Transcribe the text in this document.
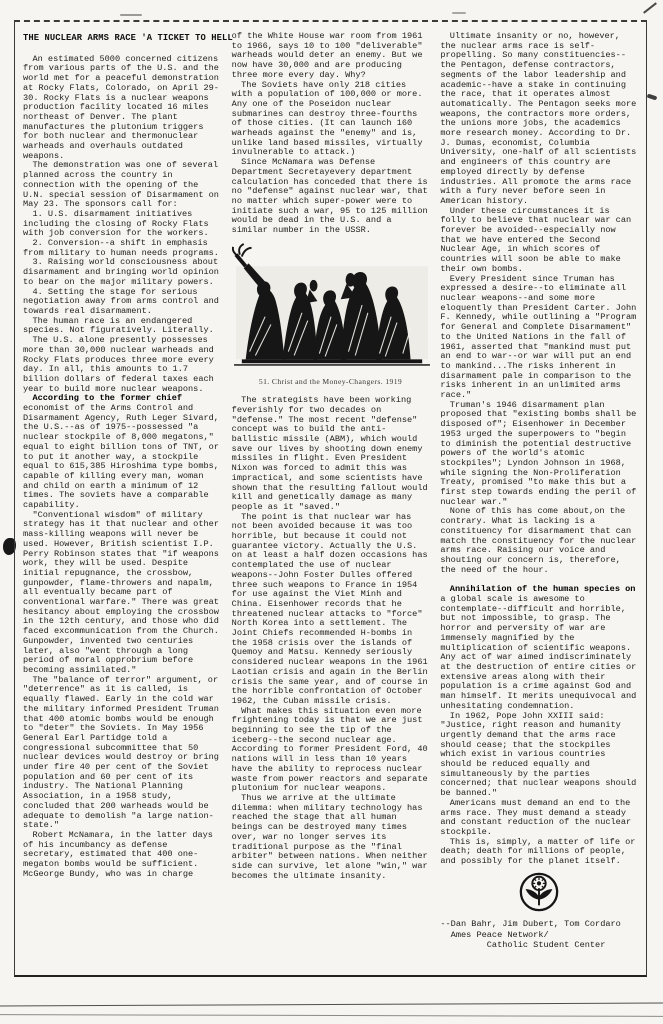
THE NUCLEAR ARMS RACE 'A TICKET TO HELL
An estimated 5000 concerned citizens from various parts of the U.S. and the world met for a peaceful demonstration at Rocky Flats, Colorado, on April 29-30. Rocky Flats is a nuclear weapons production facility located 16 miles northeast of Denver. The plant manufactures the plutonium triggers for both nuclear and thermonuclear warheads and overhauls outdated weapons.
The demonstration was one of several planned across the country in connection with the opening of the U.N. special session of Disarmament on May 23. The sponsors call for:
1. U.S. disarmament initiatives including the closing of Rocky Flats with job conversion for the workers.
2. Conversion--a shift in emphasis from military to human needs programs.
3. Raising world consciousness about disarmament and bringing world opinion to bear on the major military powers.
4. Setting the stage for serious negotiation away from arms control and towards real disarmament.
The human race is an endangered species. Not figuratively. Literally.
The U.S. alone presently possesses more than 30,000 nuclear warheads and Rocky Flats produces three more every day. In all, this amounts to 1.7 billion dollars of federal taxes each year to build more nuclear weapons.
According to the former chief economist of the Arms Control and Disarmament Agency, Ruth Leger Sivard, the U.S.--as of 1975--possessed "a nuclear stockpile of 8,000 megatons," equal to eight billion tons of TNT, or to put it another way, a stockpile equal to 615,385 Hiroshima type bombs, capable of killing every man, woman and child on earth a minimum of 12 times. The soviets have a comparable capability.
"Conventional wisdom" of military strategy has it that nuclear and other mass-killing weapons will never be used. However, British scientist I.P. Perry Robinson states that "if weapons work, they will be used. Despite initial repugnance, the crossbow, gunpowder, flame-throwers and napalm, all eventually became part of conventional warfare." There was great hesitancy about employing the crossbow in the 12th century, and those who did faced excommunication from the Church. Gunpowder, invented two centuries later, also "went through a long period of moral opprobrium before becoming assimilated."
The "balance of terror" argument, or "deterrence" as it is called, is equally flawed. Early in the cold war the military informed President Truman that 400 atomic bombs would be enough to "deter" the Soviets. In May 1956 General Earl Partidge told a congressional subcommittee that 50 nuclear devices would destroy or bring under fire 40 per cent of the Soviet population and 60 per cent of its industry. The National Planning Association, in a 1958 study, concluded that 200 warheads would be adequate to demolish "a large nation-state."
Robert McNamara, in the latter days of his incumbancy as defense secretary, estimated that 400 one-megaton bombs would be sufficient. McGeorge Bundy, who was in charge
of the White House war room from 1961 to 1966, says 10 to 100 "deliverable" warheads would deter an enemy. But we now have 30,000 and are producing three more every day. Why?
The Soviets have only 218 cities with a population of 100,000 or more. Any one of the Poseidon nuclear submarines can destroy three-fourths of those cities. (It can launch 160 warheads against the "enemy" and is, unlike land based missiles, virtually invulnerable to attack.)
Since McNamara was Defense Department Secretayevery department calculation has conceded that there is no "defense" against nuclear war, that no matter which super-power were to initiate such a war, 95 to 125 million would be dead in the U.S. and a similar number in the USSR.
51. Christ and the Money-Changers. 1919
The strategists have been working feverishly for two decades on "defense." The most recent "defense" concept was to build the anti-ballistic missile (ABM), which would save our lives by shooting down enemy missiles in flight. Even President Nixon was forced to admit this was impractical, and some scientists have shown that the resulting fallout would kill and genetically damage as many people as it "saved."
The point is that nuclear war has not been avoided because it was too horrible, but because it could not guarantee victory. Actually the U.S. on at least a half dozen occasions has contemplated the use of nuclear weapons--John Foster Dulles offered three such weapons to France in 1954 for use against the Viet Minh and China. Eisenhower records that he threatened nuclear attacks to "force" North Korea into a settlement. The Joint Chiefs recommended H-bombs in the 1958 crisis over the islands of Quemoy and Matsu. Kennedy seriously considered nuclear weapons in the 1961 Laotian crisis and again in the Berlin crisis the same year, and of course in the horrible confrontation of October 1962, the Cuban missile crisis.
What makes this situation even more frightening today is that we are just beginning to see the tip of the iceberg--the second nuclear age. According to former President Ford, 40 nations will in less than 10 years have the ability to reprocess nuclear waste from power reactors and separate plutonium for nuclear weapons.
Thus we arrive at the ultimate dilemma: when military technology has reached the stage that all human beings can be destroyed many times over, war no longer serves its traditional purpose as the "final arbiter" between nations. When neither side can survive, let alone "win," war becomes the ultimate insanity.
Ultimate insanity or no, however, the nuclear arms race is self-propelling. So many constituencies--the Pentagon, defense contractors, segments of the labor leadership and academic--have a stake in continuing the race, that it operates almost automatically. The Pentagon seeks more weapons, the contractors more orders, the unions more jobs, the academics more research money. According to Dr. J. Dumas, economist, Columbia University, one-half of all scientists and engineers of this country are employed directly by defense industries. All promote the arms race with a fury never before seen in American history.
Under these circumstances it is folly to believe that nuclear war can forever be avoided--especially now that we have entered the Second Nuclear Age, in which scores of countries will soon be able to make their own bombs.
Every President since Truman has expressed a desire--to eliminate all nuclear weapons--and some more eloquently than President Carter. John F. Kennedy, while outlining a "Program for General and Complete Disarmament" to the United Nations in the fall of 1961, asserted that "mankind must put an end to war--or war will put an end to mankind...The risks inherent in disarmament pale in comparison to the risks inherent in an unlimited arms race."
Truman's 1946 disarmament plan proposed that "existing bombs shall be disposed of"; Eisenhower in December 1953 urged the superpowers to "begin to diminish the potential destructive powers of the world's atomic stockpiles"; Lyndon Johnson in 1968, while signing the Non-Proliferation Treaty, promised "to make this but a first step towards ending the peril of nuclear war."
None of this has come about,on the contrary. What is lacking is a constituency for disarmament that can match the constituency for the nuclear arms race. Raising our voice and shouting our concern is, therefore, the need of the hour.
Annihilation of the human species on a global scale is awesome to contemplate--difficult and horrible, but not impossible, to grasp. The horror and perversity of war are immensely magnified by the multiplication of scientific weapons. Any act of war aimed indiscriminately at the destruction of entire cities or extensive areas along with their population is a crime against God and man himself. It merits unequivocal and unhesitating condemnation.
In 1962, Pope John XXIII said: "Justice, right reason and humanity urgently demand that the arms race should cease; that the stockpiles which exist in various countries should be reduced equally and simultaneously by the parties concerned; that nuclear weapons should be banned."
Americans must demand an end to the arms race. They must demand a steady and constant reduction of the nuclear stockpile.
This is, simply, a matter of life or death; death for millions of people, and possibly for the planet itself.
--Dan Bahr, Jim Dubert, Tom Cordaro
Ames Peace Network/
Catholic Student Center
